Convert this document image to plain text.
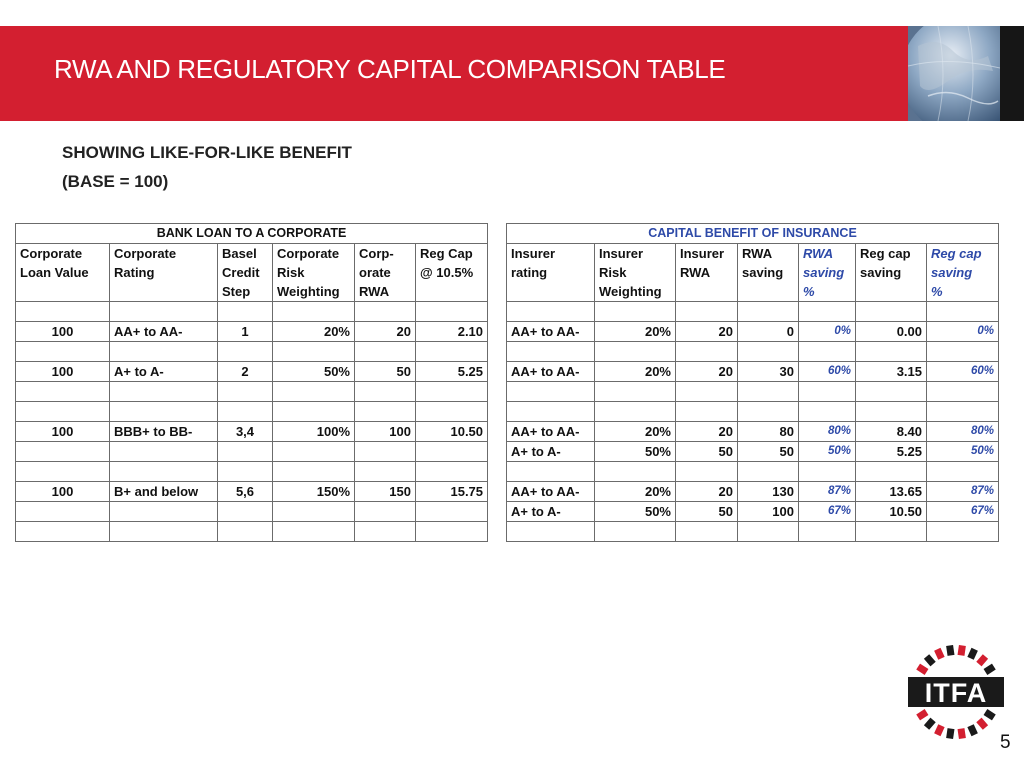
RWA AND REGULATORY CAPITAL COMPARISON TABLE
SHOWING LIKE-FOR-LIKE BENEFIT
(BASE = 100)
BANK LOAN TO A CORPORATE					
Corporate	Corporate	Basel	Corporate	Corp-	Reg Cap
Loan Value	Rating	Credit	Risk	orate	@ 10.5%
		Step	Weighting	RWA	

100	AA+ to AA-	1	20%	20	2.10

100	A+ to A-	2	50%	50	5.25

100	BBB+ to BB-	3,4	100%	100	10.50

100	B+ and below	5,6	150%	150	15.75

CAPITAL BENEFIT OF INSURANCE						
Insurer	Insurer	Insurer	RWA	RWA	Reg cap	Reg cap
rating	Risk	RWA	saving	saving	saving	saving
	Weighting			%		%

AA+ to AA-	20%	20	0	0%	0.00	0%

AA+ to AA-	20%	20	30	60%	3.15	60%

AA+ to AA-	20%	20	80	80%	8.40	80%
A+ to A-	50%	50	50	50%	5.25	50%

AA+ to AA-	20%	20	130	87%	13.65	87%
A+ to A-	50%	50	100	67%	10.50	67%

ITFA
5
